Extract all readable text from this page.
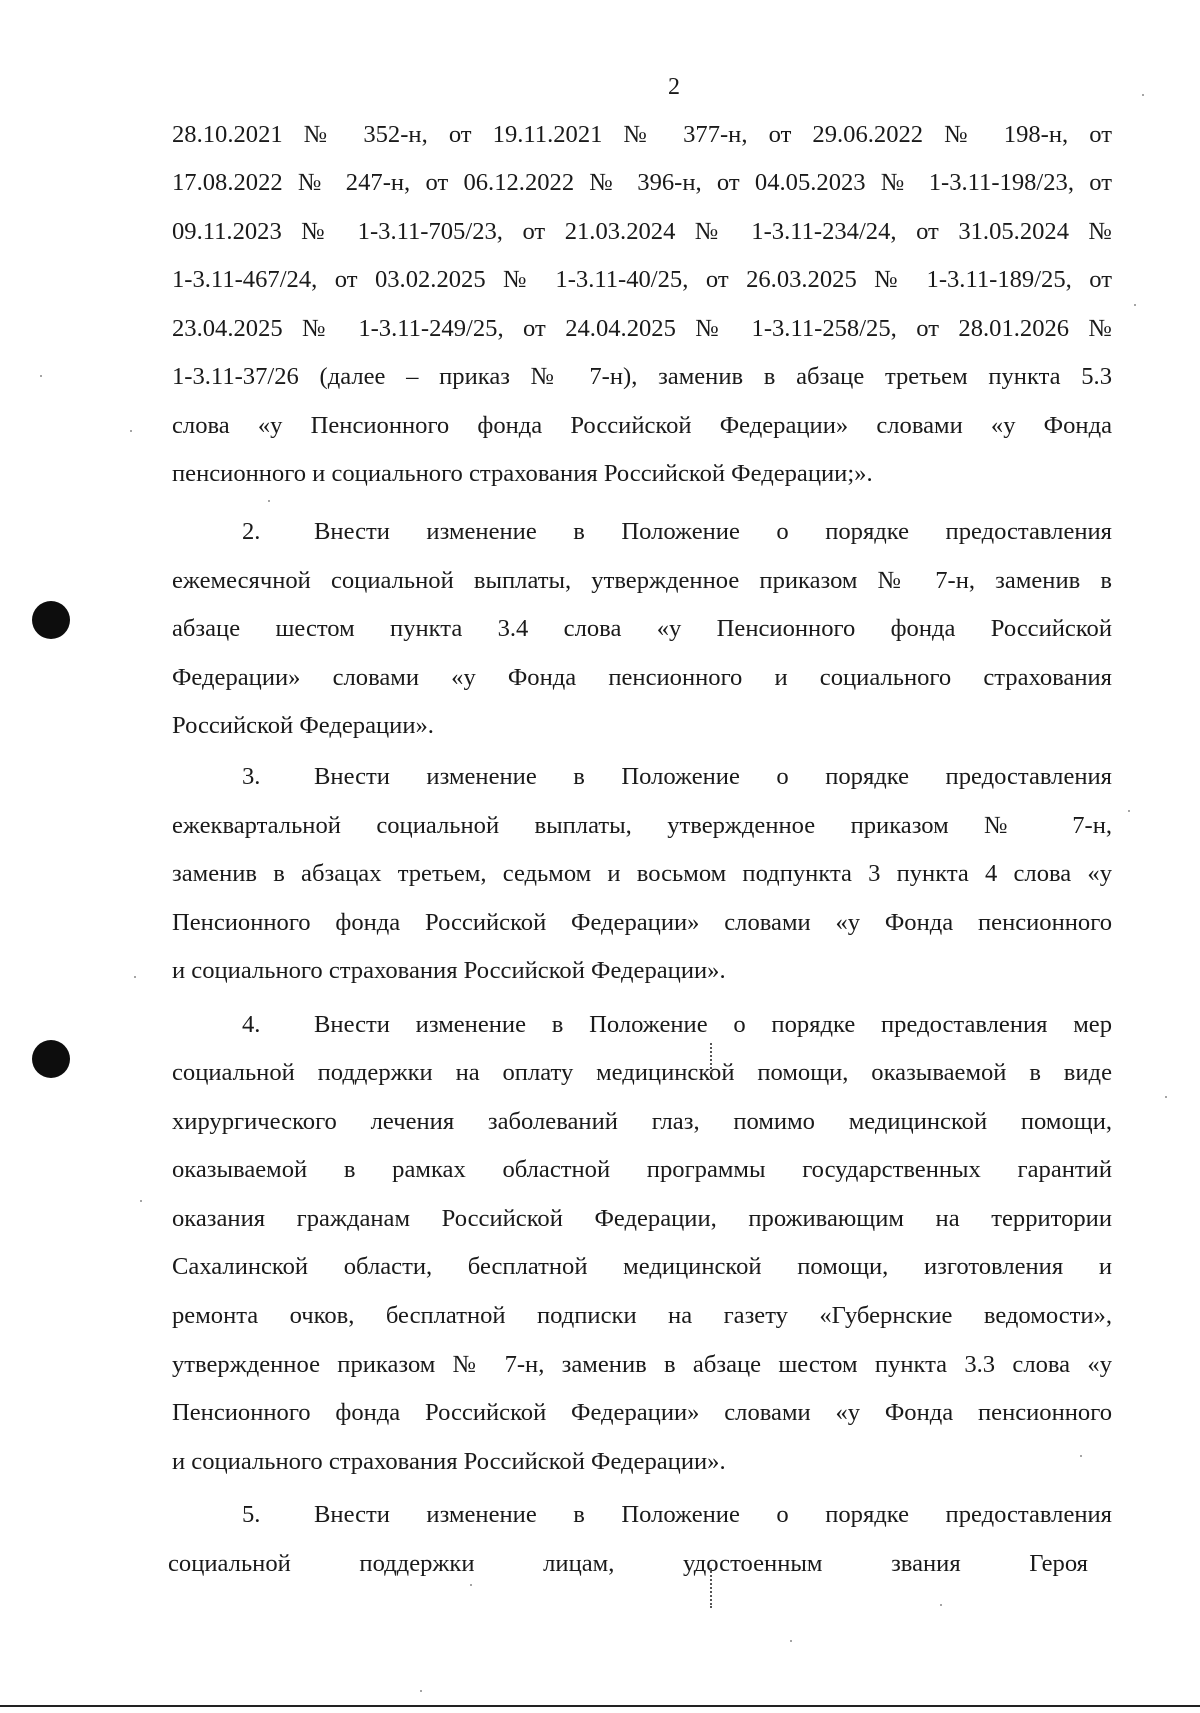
2
28.10.2021 № 352-н, от 19.11.2021 № 377-н, от 29.06.2022 № 198-н, от
17.08.2022 № 247-н, от 06.12.2022 № 396-н, от 04.05.2023 № 1-3.11-198/23, от
09.11.2023 № 1-3.11-705/23, от 21.03.2024 № 1-3.11-234/24, от 31.05.2024 №
1-3.11-467/24, от 03.02.2025 № 1-3.11-40/25, от 26.03.2025 № 1-3.11-189/25, от
23.04.2025 № 1-3.11-249/25, от 24.04.2025 № 1-3.11-258/25, от 28.01.2026 №
1-3.11-37/26 (далее – приказ № 7-н), заменив в абзаце третьем пункта 5.3
слова «у Пенсионного фонда Российской Федерации» словами «у Фонда
пенсионного и социального страхования Российской Федерации;».
2. Внести изменение в Положение о порядке предоставления
ежемесячной социальной выплаты, утвержденное приказом № 7-н, заменив в
абзаце шестом пункта 3.4 слова «у Пенсионного фонда Российской
Федерации» словами «у Фонда пенсионного и социального страхования
Российской Федерации».
3. Внести изменение в Положение о порядке предоставления
ежеквартальной социальной выплаты, утвержденное приказом № 7-н,
заменив в абзацах третьем, седьмом и восьмом подпункта 3 пункта 4 слова «у
Пенсионного фонда Российской Федерации» словами «у Фонда пенсионного
и социального страхования Российской Федерации».
4. Внести изменение в Положение о порядке предоставления мер
социальной поддержки на оплату медицинской помощи, оказываемой в виде
хирургического лечения заболеваний глаз, помимо медицинской помощи,
оказываемой в рамках областной программы государственных гарантий
оказания гражданам Российской Федерации, проживающим на территории
Сахалинской области, бесплатной медицинской помощи, изготовления и
ремонта очков, бесплатной подписки на газету «Губернские ведомости»,
утвержденное приказом № 7-н, заменив в абзаце шестом пункта 3.3 слова «у
Пенсионного фонда Российской Федерации» словами «у Фонда пенсионного
и социального страхования Российской Федерации».
5. Внести изменение в Положение о порядке предоставления
социальной поддержки лицам, удостоенным звания Героя
